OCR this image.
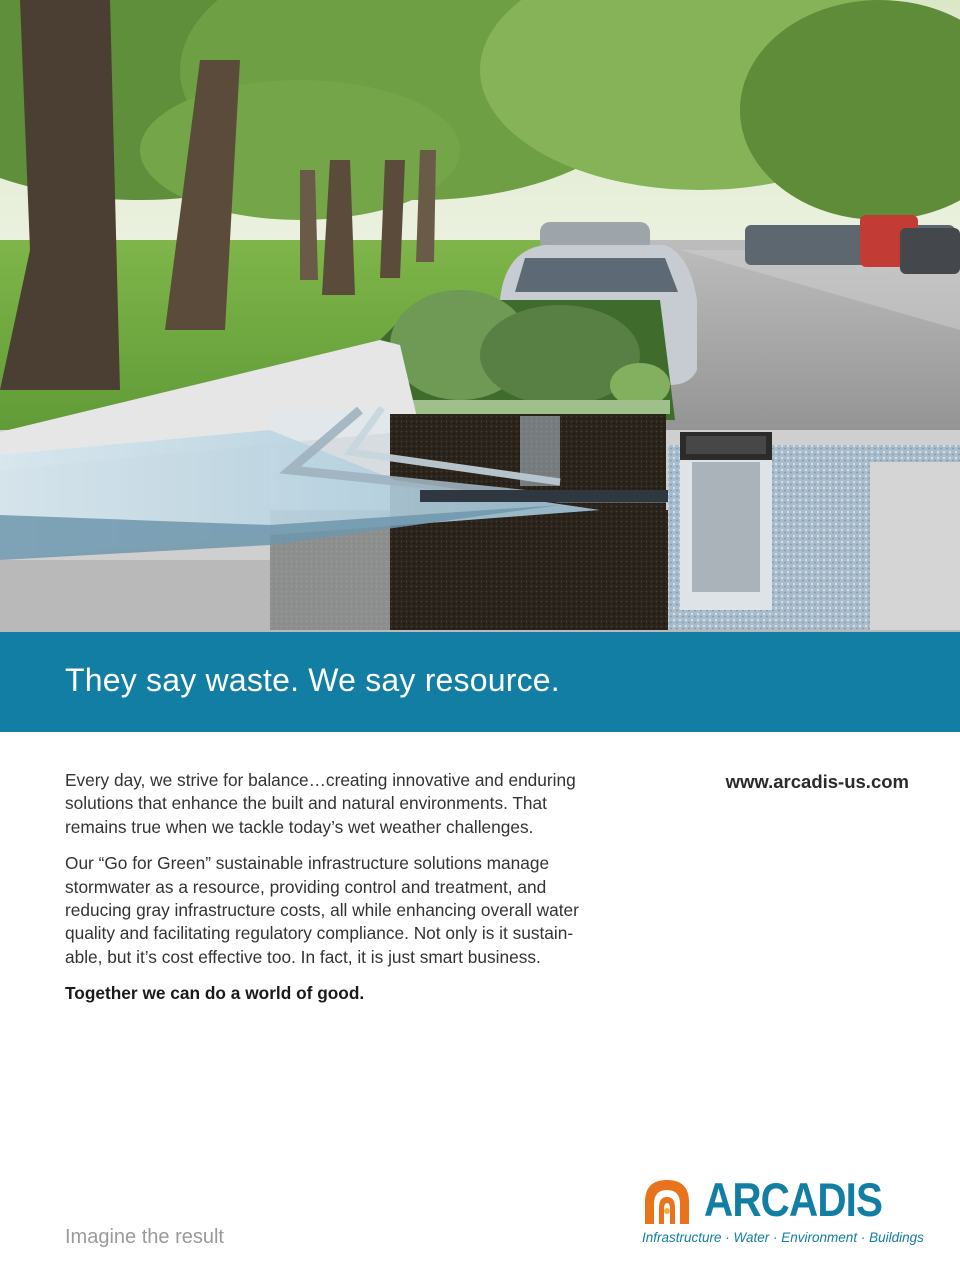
They say waste. We say resource.

Every day, we strive for balance…creating innovative and enduring solutions that enhance the built and natural environments. That remains true when we tackle today’s wet weather challenges.

Our “Go for Green” sustainable infrastructure solutions manage stormwater as a resource, providing control and treatment, and reducing gray infrastructure costs, all while enhancing overall water quality and facilitating regulatory compliance. Not only is it sustain-able, but it’s cost effective too. In fact, it is just smart business.

Together we can do a world of good.

www.arcadis-us.com
Imagine the result
ARCADIS
Infrastructure · Water · Environment · Buildings
